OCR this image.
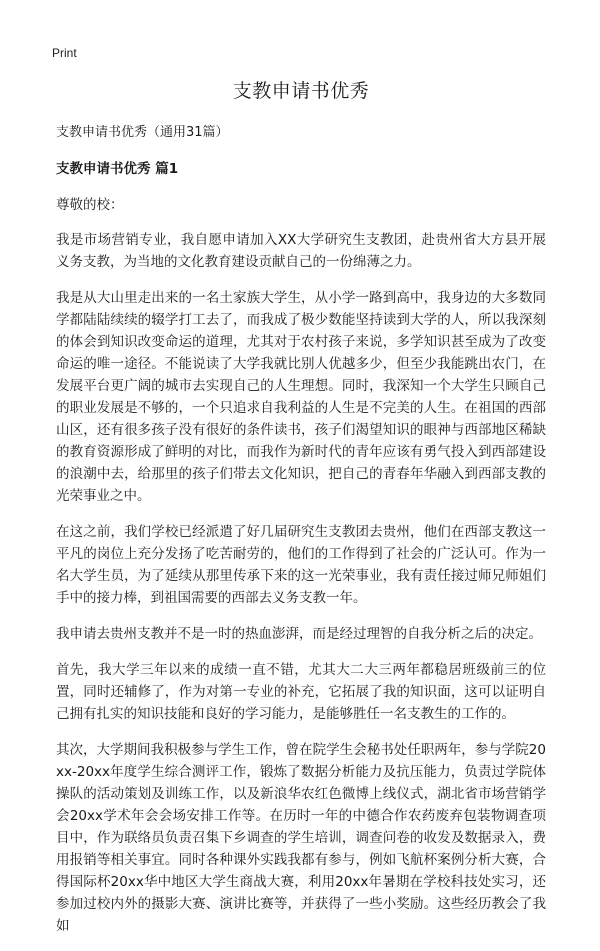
Print
支教申请书优秀
支教申请书优秀（通用31篇）
支教申请书优秀 篇1
尊敬的校：

我是市场营销专业，我自愿申请加入XX大学研究生支教团，赴贵州省大方县开展义务支教，为当地的文化教育建设贡献自己的一份绵薄之力。

我是从大山里走出来的一名土家族大学生，从小学一路到高中，我身边的大多数同学都陆陆续续的辍学打工去了，而我成了极少数能坚持读到大学的人，所以我深刻的体会到知识改变命运的道理，尤其对于农村孩子来说，多学知识甚至成为了改变命运的唯一途径。不能说读了大学我就比别人优越多少，但至少我能跳出农门，在发展平台更广阔的城市去实现自己的人生理想。同时，我深知一个大学生只顾自己的职业发展是不够的，一个只追求自我利益的人生是不完美的人生。在祖国的西部山区，还有很多孩子没有很好的条件读书，孩子们渴望知识的眼神与西部地区稀缺的教育资源形成了鲜明的对比，而我作为新时代的青年应该有勇气投入到西部建设的浪潮中去，给那里的孩子们带去文化知识，把自己的青春年华融入到西部支教的光荣事业之中。

在这之前，我们学校已经派遣了好几届研究生支教团去贵州，他们在西部支教这一平凡的岗位上充分发扬了吃苦耐劳的，他们的工作得到了社会的广泛认可。作为一名大学生员，为了延续从那里传承下来的这一光荣事业，我有责任接过师兄师姐们手中的接力棒，到祖国需要的西部去义务支教一年。

我申请去贵州支教并不是一时的热血澎湃，而是经过理智的自我分析之后的决定。

首先，我大学三年以来的成绩一直不错，尤其大二大三两年都稳居班级前三的位置，同时还辅修了，作为对第一专业的补充，它拓展了我的知识面，这可以证明自己拥有扎实的知识技能和良好的学习能力，是能够胜任一名支教生的工作的。

其次，大学期间我积极参与学生工作，曾在院学生会秘书处任职两年，参与学院20xx-20xx年度学生综合测评工作，锻炼了数据分析能力及抗压能力，负责过学院体操队的活动策划及训练工作，以及新浪华农红色微博上线仪式，湖北省市场营销学会20xx学术年会会场安排工作等。在历时一年的中德合作农药废弃包装物调查项目中，作为联络员负责召集下乡调查的学生培训，调查问卷的收发及数据录入，费用报销等相关事宜。同时各种课外实践我都有参与，例如飞航杯案例分析大赛，合得国际杯20xx华中地区大学生商战大赛，利用20xx年暑期在学校科技处实习，还参加过校内外的摄影大赛、演讲比赛等，并获得了一些小奖励。这些经历教会了我如
